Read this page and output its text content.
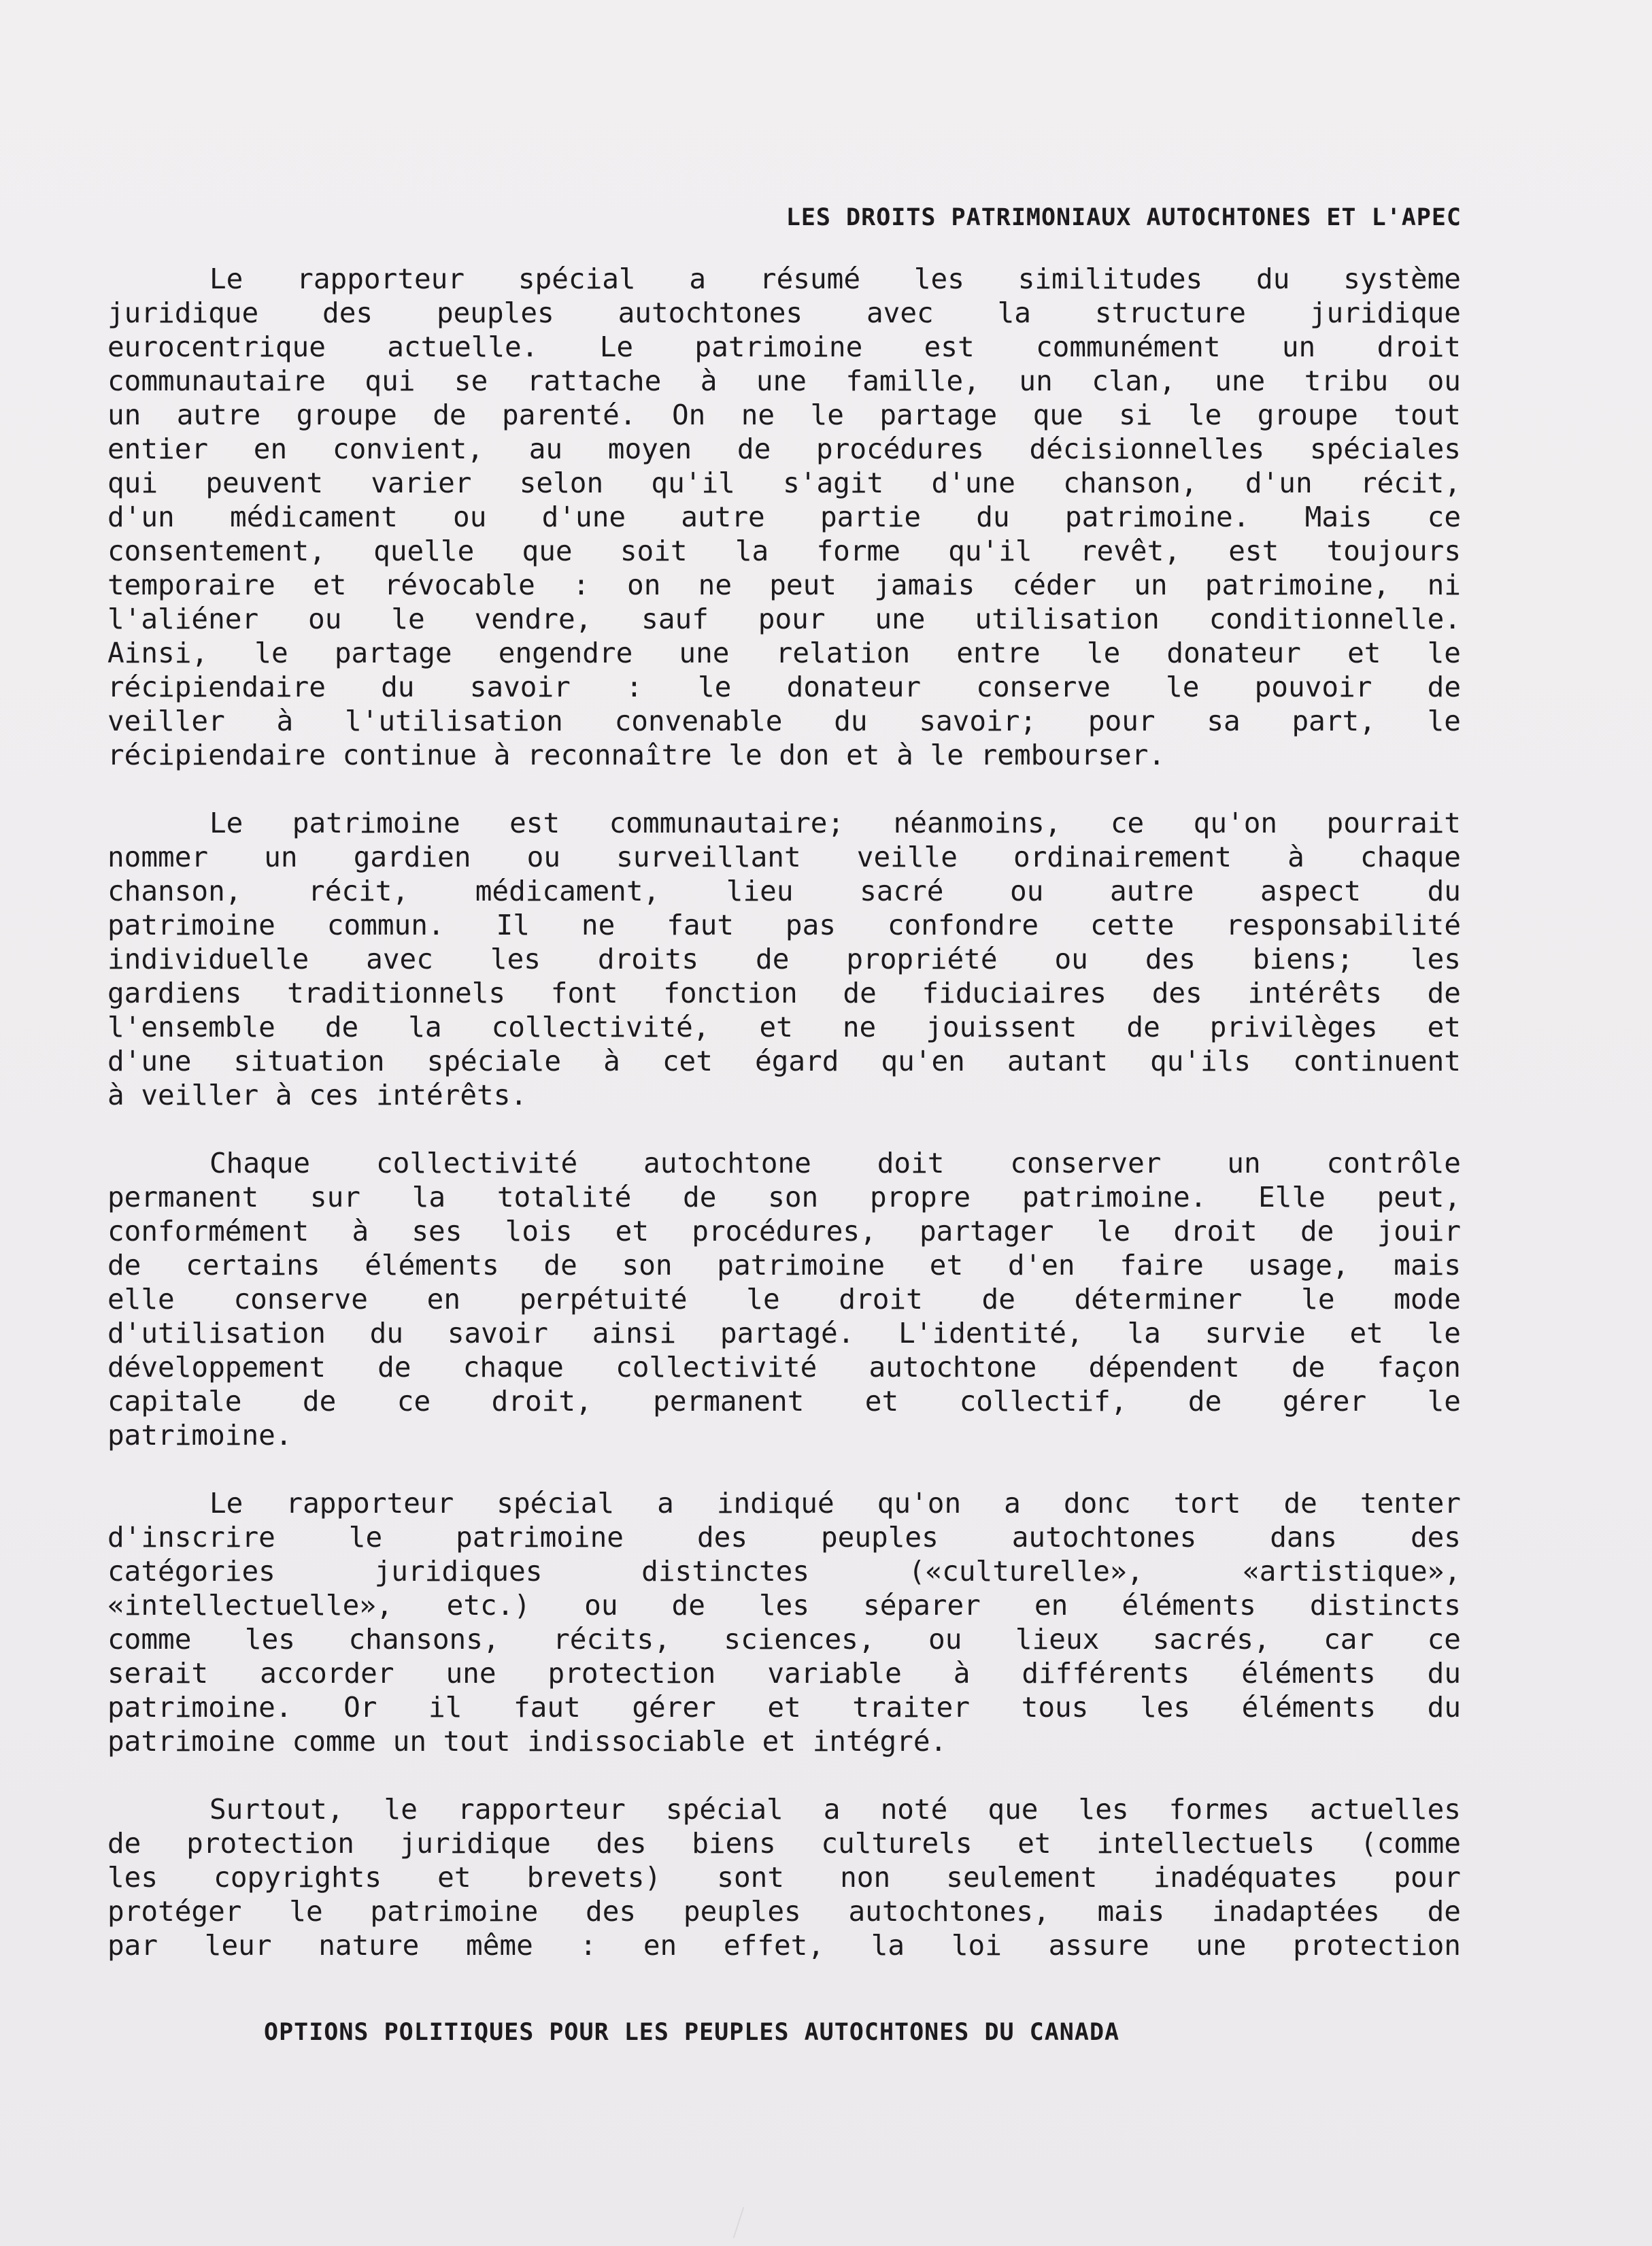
LES DROITS PATRIMONIAUX AUTOCHTONES ET L'APEC

Le rapporteur spécial a résumé les similitudes du système
juridique des peuples autochtones avec la structure juridique
eurocentrique actuelle. Le patrimoine est communément un droit
communautaire qui se rattache à une famille, un clan, une tribu ou
un autre groupe de parenté. On ne le partage que si le groupe tout
entier en convient, au moyen de procédures décisionnelles spéciales
qui peuvent varier selon qu'il s'agit d'une chanson, d'un récit,
d'un médicament ou d'une autre partie du patrimoine. Mais ce
consentement, quelle que soit la forme qu'il revêt, est toujours
temporaire et révocable : on ne peut jamais céder un patrimoine, ni
l'aliéner ou le vendre, sauf pour une utilisation conditionnelle.
Ainsi, le partage engendre une relation entre le donateur et le
récipiendaire du savoir : le donateur conserve le pouvoir de
veiller à l'utilisation convenable du savoir; pour sa part, le
récipiendaire continue à reconnaître le don et à le rembourser.

Le patrimoine est communautaire; néanmoins, ce qu'on pourrait
nommer un gardien ou surveillant veille ordinairement à chaque
chanson, récit, médicament, lieu sacré ou autre aspect du
patrimoine commun. Il ne faut pas confondre cette responsabilité
individuelle avec les droits de propriété ou des biens; les
gardiens traditionnels font fonction de fiduciaires des intérêts de
l'ensemble de la collectivité, et ne jouissent de privilèges et
d'une situation spéciale à cet égard qu'en autant qu'ils continuent
à veiller à ces intérêts.

Chaque collectivité autochtone doit conserver un contrôle
permanent sur la totalité de son propre patrimoine. Elle peut,
conformément à ses lois et procédures, partager le droit de jouir
de certains éléments de son patrimoine et d'en faire usage, mais
elle conserve en perpétuité le droit de déterminer le mode
d'utilisation du savoir ainsi partagé. L'identité, la survie et le
développement de chaque collectivité autochtone dépendent de façon
capitale de ce droit, permanent et collectif, de gérer le
patrimoine.

Le rapporteur spécial a indiqué qu'on a donc tort de tenter
d'inscrire le patrimoine des peuples autochtones dans des
catégories juridiques distinctes («culturelle», «artistique»,
«intellectuelle», etc.) ou de les séparer en éléments distincts
comme les chansons, récits, sciences, ou lieux sacrés, car ce
serait accorder une protection variable à différents éléments du
patrimoine. Or il faut gérer et traiter tous les éléments du
patrimoine comme un tout indissociable et intégré.

Surtout, le rapporteur spécial a noté que les formes actuelles
de protection juridique des biens culturels et intellectuels (comme
les copyrights et brevets) sont non seulement inadéquates pour
protéger le patrimoine des peuples autochtones, mais inadaptées de
par leur nature même : en effet, la loi assure une protection

OPTIONS POLITIQUES POUR LES PEUPLES AUTOCHTONES DU CANADA
